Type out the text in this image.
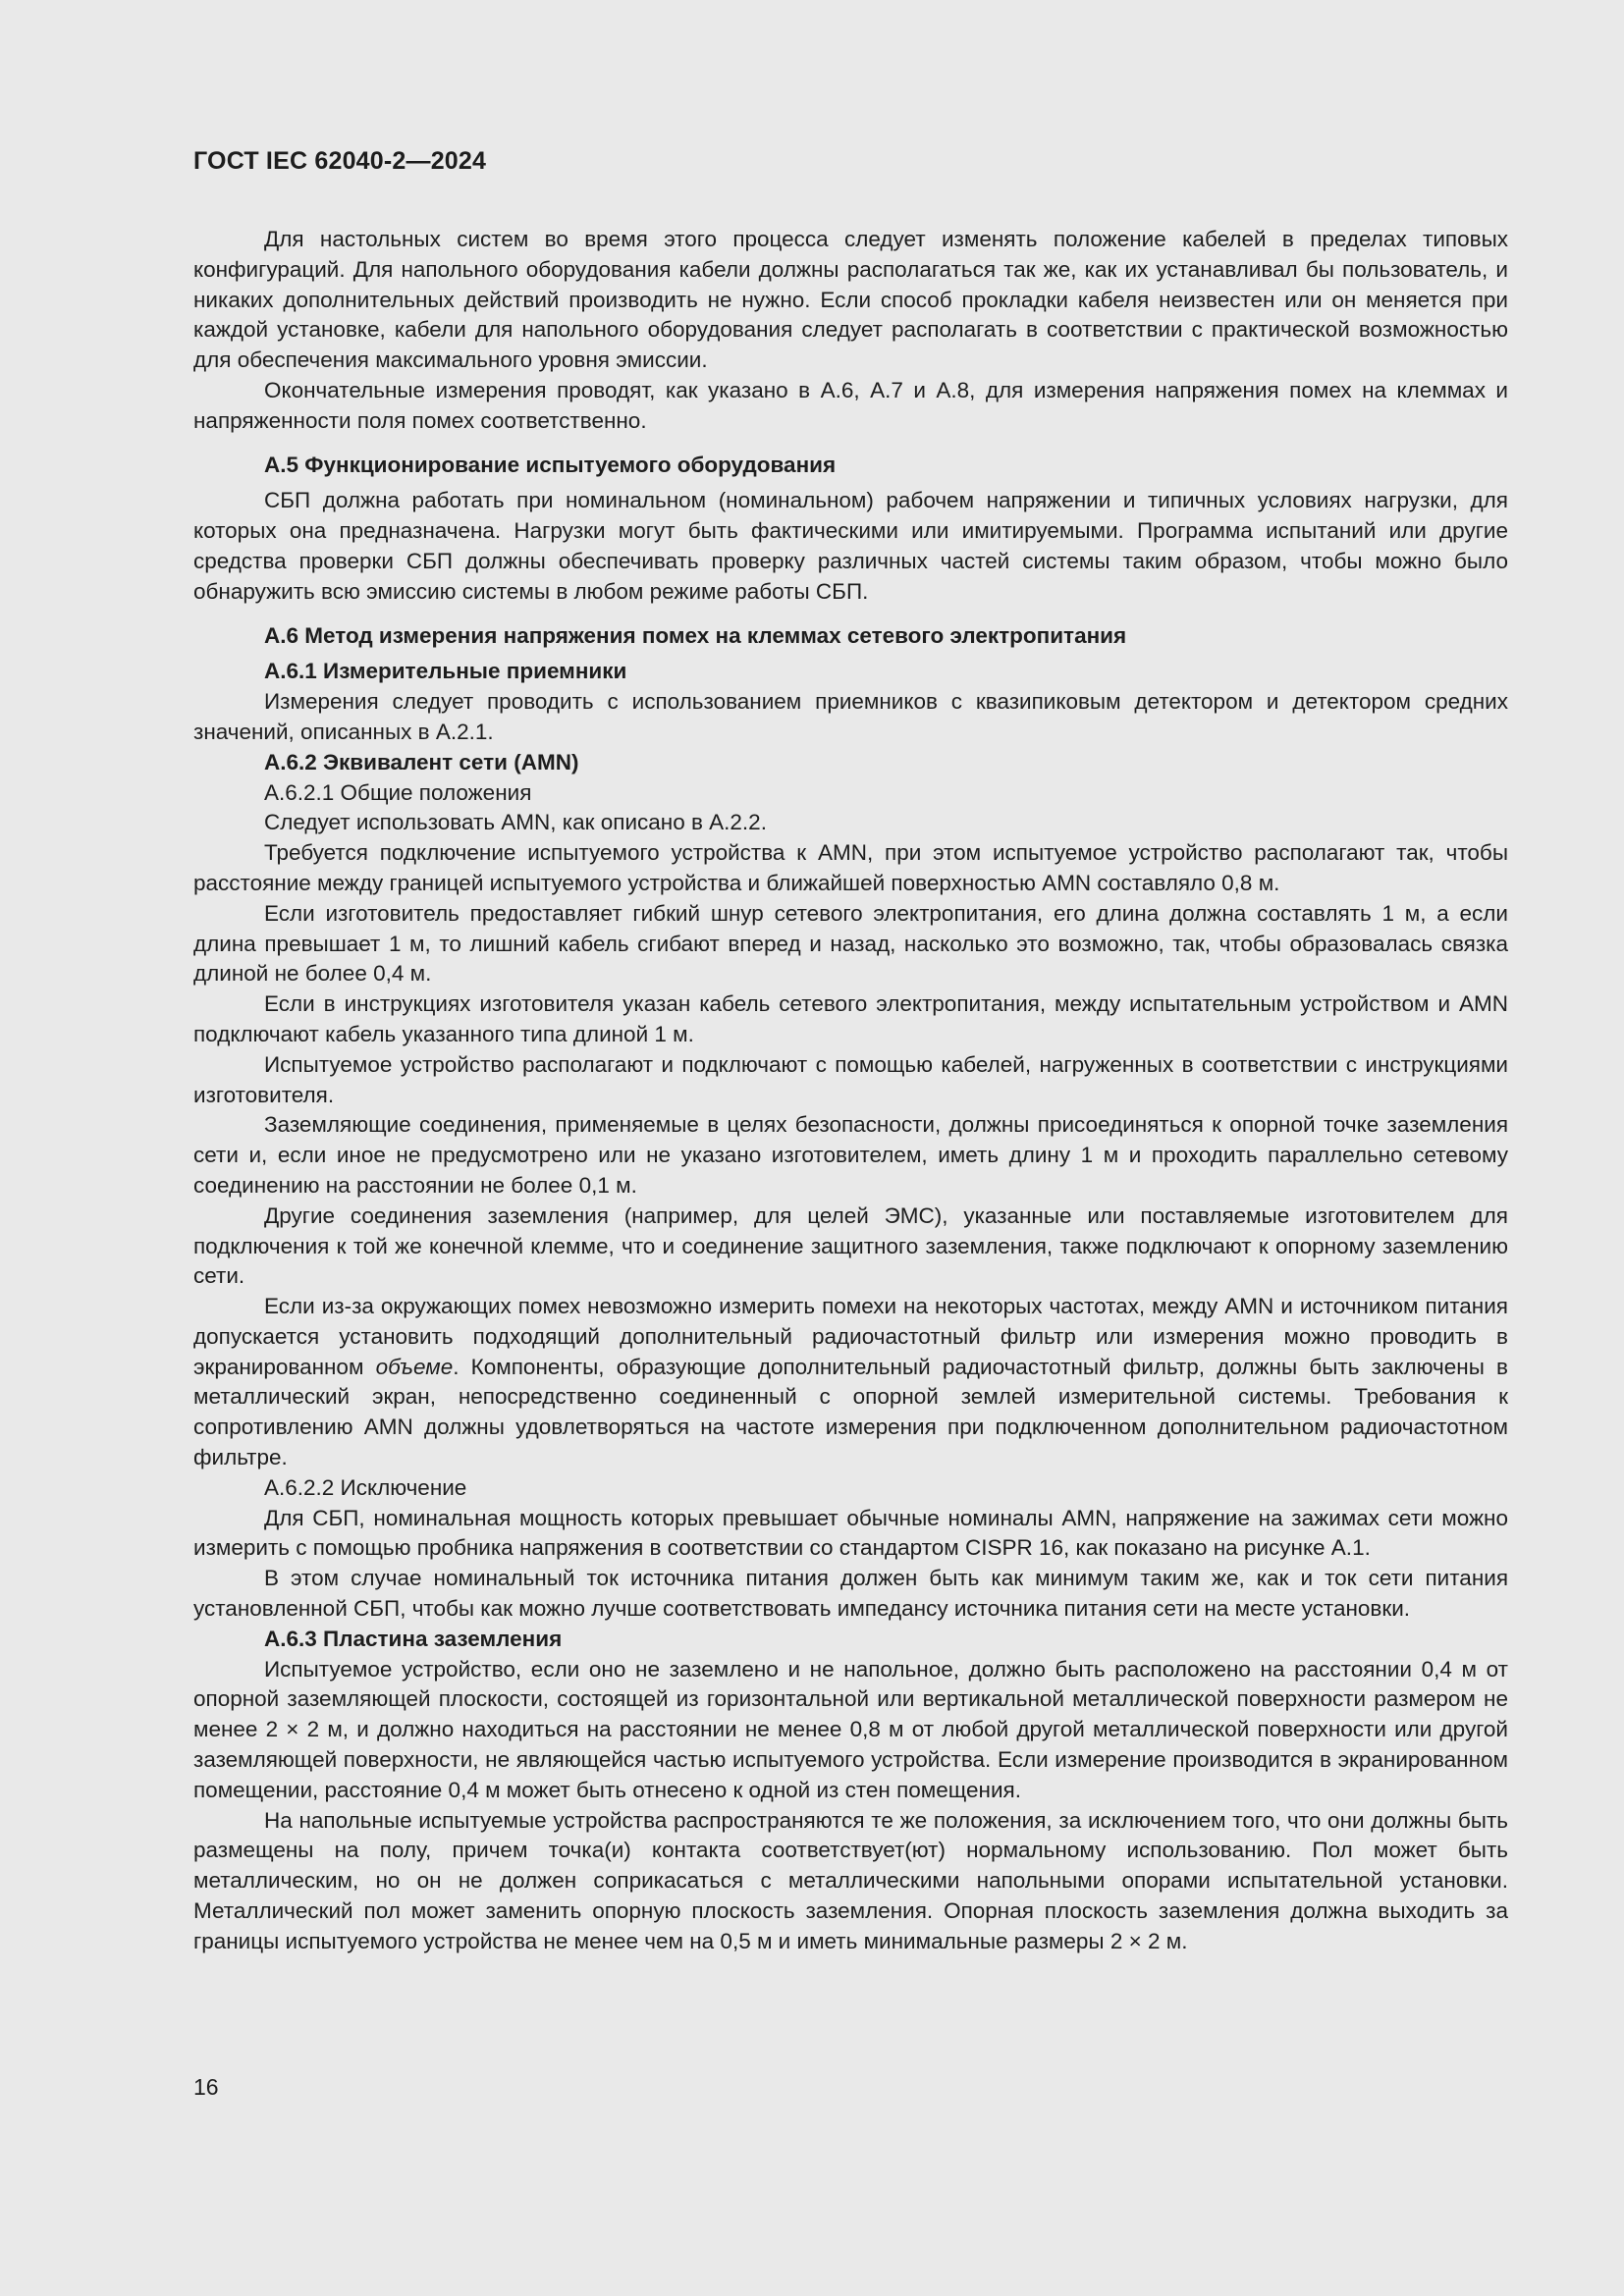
ГОСТ IEC 62040-2—2024

Для настольных систем во время этого процесса следует изменять положение кабелей в пределах типовых конфигураций. Для напольного оборудования кабели должны располагаться так же, как их устанавливал бы пользователь, и никаких дополнительных действий производить не нужно. Если способ прокладки кабеля неизвестен или он меняется при каждой установке, кабели для напольного оборудования следует располагать в соответствии с практической возможностью для обеспечения максимального уровня эмиссии.

Окончательные измерения проводят, как указано в А.6, А.7 и А.8, для измерения напряжения помех на клеммах и напряженности поля помех соответственно.

А.5 Функционирование испытуемого оборудования

СБП должна работать при номинальном (номинальном) рабочем напряжении и типичных условиях нагрузки, для которых она предназначена. Нагрузки могут быть фактическими или имитируемыми. Программа испытаний или другие средства проверки СБП должны обеспечивать проверку различных частей системы таким образом, чтобы можно было обнаружить всю эмиссию системы в любом режиме работы СБП.

А.6 Метод измерения напряжения помех на клеммах сетевого электропитания
А.6.1 Измерительные приемники

Измерения следует проводить с использованием приемников с квазипиковым детектором и детектором средних значений, описанных в А.2.1.

А.6.2 Эквивалент сети (AMN)
А.6.2.1 Общие положения

Следует использовать AMN, как описано в А.2.2.

Требуется подключение испытуемого устройства к AMN, при этом испытуемое устройство располагают так, чтобы расстояние между границей испытуемого устройства и ближайшей поверхностью AMN составляло 0,8 м.

Если изготовитель предоставляет гибкий шнур сетевого электропитания, его длина должна составлять 1 м, а если длина превышает 1 м, то лишний кабель сгибают вперед и назад, насколько это возможно, так, чтобы образовалась связка длиной не более 0,4 м.

Если в инструкциях изготовителя указан кабель сетевого электропитания, между испытательным устройством и AMN подключают кабель указанного типа длиной 1 м.

Испытуемое устройство располагают и подключают с помощью кабелей, нагруженных в соответствии с инструкциями изготовителя.

Заземляющие соединения, применяемые в целях безопасности, должны присоединяться к опорной точке заземления сети и, если иное не предусмотрено или не указано изготовителем, иметь длину 1 м и проходить параллельно сетевому соединению на расстоянии не более 0,1 м.

Другие соединения заземления (например, для целей ЭМС), указанные или поставляемые изготовителем для подключения к той же конечной клемме, что и соединение защитного заземления, также подключают к опорному заземлению сети.

Если из-за окружающих помех невозможно измерить помехи на некоторых частотах, между AMN и источником питания допускается установить подходящий дополнительный радиочастотный фильтр или измерения можно проводить в экранированном объеме. Компоненты, образующие дополнительный радиочастотный фильтр, должны быть заключены в металлический экран, непосредственно соединенный с опорной землей измерительной системы. Требования к сопротивлению AMN должны удовлетворяться на частоте измерения при подключенном дополнительном радиочастотном фильтре.

А.6.2.2 Исключение

Для СБП, номинальная мощность которых превышает обычные номиналы AMN, напряжение на зажимах сети можно измерить с помощью пробника напряжения в соответствии со стандартом CISPR 16, как показано на рисунке А.1.

В этом случае номинальный ток источника питания должен быть как минимум таким же, как и ток сети питания установленной СБП, чтобы как можно лучше соответствовать импедансу источника питания сети на месте установки.

А.6.3 Пластина заземления

Испытуемое устройство, если оно не заземлено и не напольное, должно быть расположено на расстоянии 0,4 м от опорной заземляющей плоскости, состоящей из горизонтальной или вертикальной металлической поверхности размером не менее 2 × 2 м, и должно находиться на расстоянии не менее 0,8 м от любой другой металлической поверхности или другой заземляющей поверхности, не являющейся частью испытуемого устройства. Если измерение производится в экранированном помещении, расстояние 0,4 м может быть отнесено к одной из стен помещения.

На напольные испытуемые устройства распространяются те же положения, за исключением того, что они должны быть размещены на полу, причем точка(и) контакта соответствует(ют) нормальному использованию. Пол может быть металлическим, но он не должен соприкасаться с металлическими напольными опорами испытательной установки. Металлический пол может заменить опорную плоскость заземления. Опорная плоскость заземления должна выходить за границы испытуемого устройства не менее чем на 0,5 м и иметь минимальные размеры 2 × 2 м.

16
